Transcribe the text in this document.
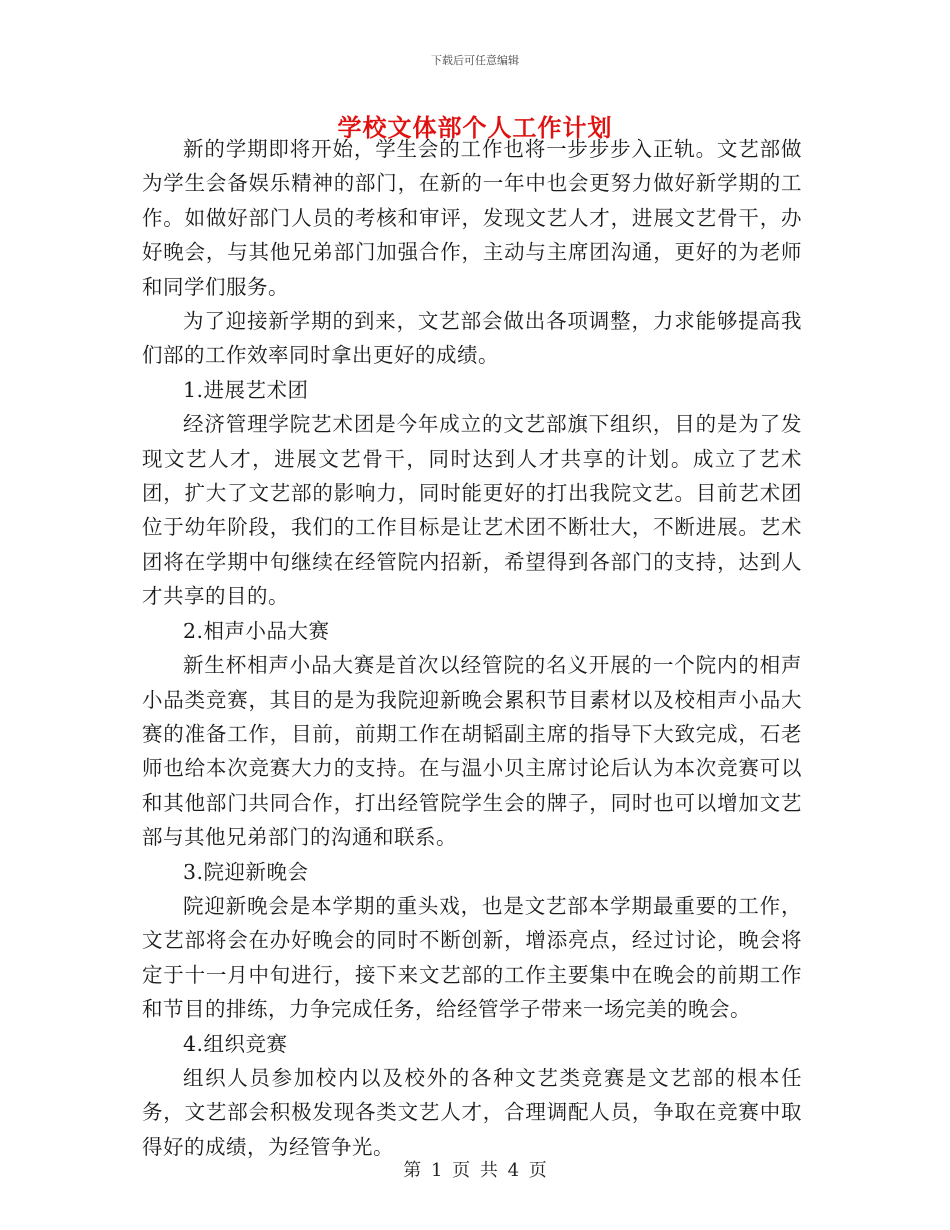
下载后可任意编辑
学校文体部个人工作计划

新的学期即将开始，学生会的工作也将一步步步入正轨。文艺部做为学生会备娱乐精神的部门，在新的一年中也会更努力做好新学期的工作。如做好部门人员的考核和审评，发现文艺人才，进展文艺骨干，办好晚会，与其他兄弟部门加强合作，主动与主席团沟通，更好的为老师和同学们服务。

为了迎接新学期的到来，文艺部会做出各项调整，力求能够提高我们部的工作效率同时拿出更好的成绩。

1.进展艺术团

经济管理学院艺术团是今年成立的文艺部旗下组织，目的是为了发现文艺人才，进展文艺骨干，同时达到人才共享的计划。成立了艺术团，扩大了文艺部的影响力，同时能更好的打出我院文艺。目前艺术团位于幼年阶段，我们的工作目标是让艺术团不断壮大，不断进展。艺术团将在学期中旬继续在经管院内招新，希望得到各部门的支持，达到人才共享的目的。

2.相声小品大赛

新生杯相声小品大赛是首次以经管院的名义开展的一个院内的相声小品类竞赛，其目的是为我院迎新晚会累积节目素材以及校相声小品大赛的准备工作，目前，前期工作在胡韬副主席的指导下大致完成，石老师也给本次竞赛大力的支持。在与温小贝主席讨论后认为本次竞赛可以和其他部门共同合作，打出经管院学生会的牌子，同时也可以增加文艺部与其他兄弟部门的沟通和联系。

3.院迎新晚会

院迎新晚会是本学期的重头戏，也是文艺部本学期最重要的工作，文艺部将会在办好晚会的同时不断创新，增添亮点，经过讨论，晚会将定于十一月中旬进行，接下来文艺部的工作主要集中在晚会的前期工作和节目的排练，力争完成任务，给经管学子带来一场完美的晚会。

4.组织竞赛

组织人员参加校内以及校外的各种文艺类竞赛是文艺部的根本任务，文艺部会积极发现各类文艺人才，合理调配人员，争取在竞赛中取得好的成绩，为经管争光。

第 1 页 共 4 页
